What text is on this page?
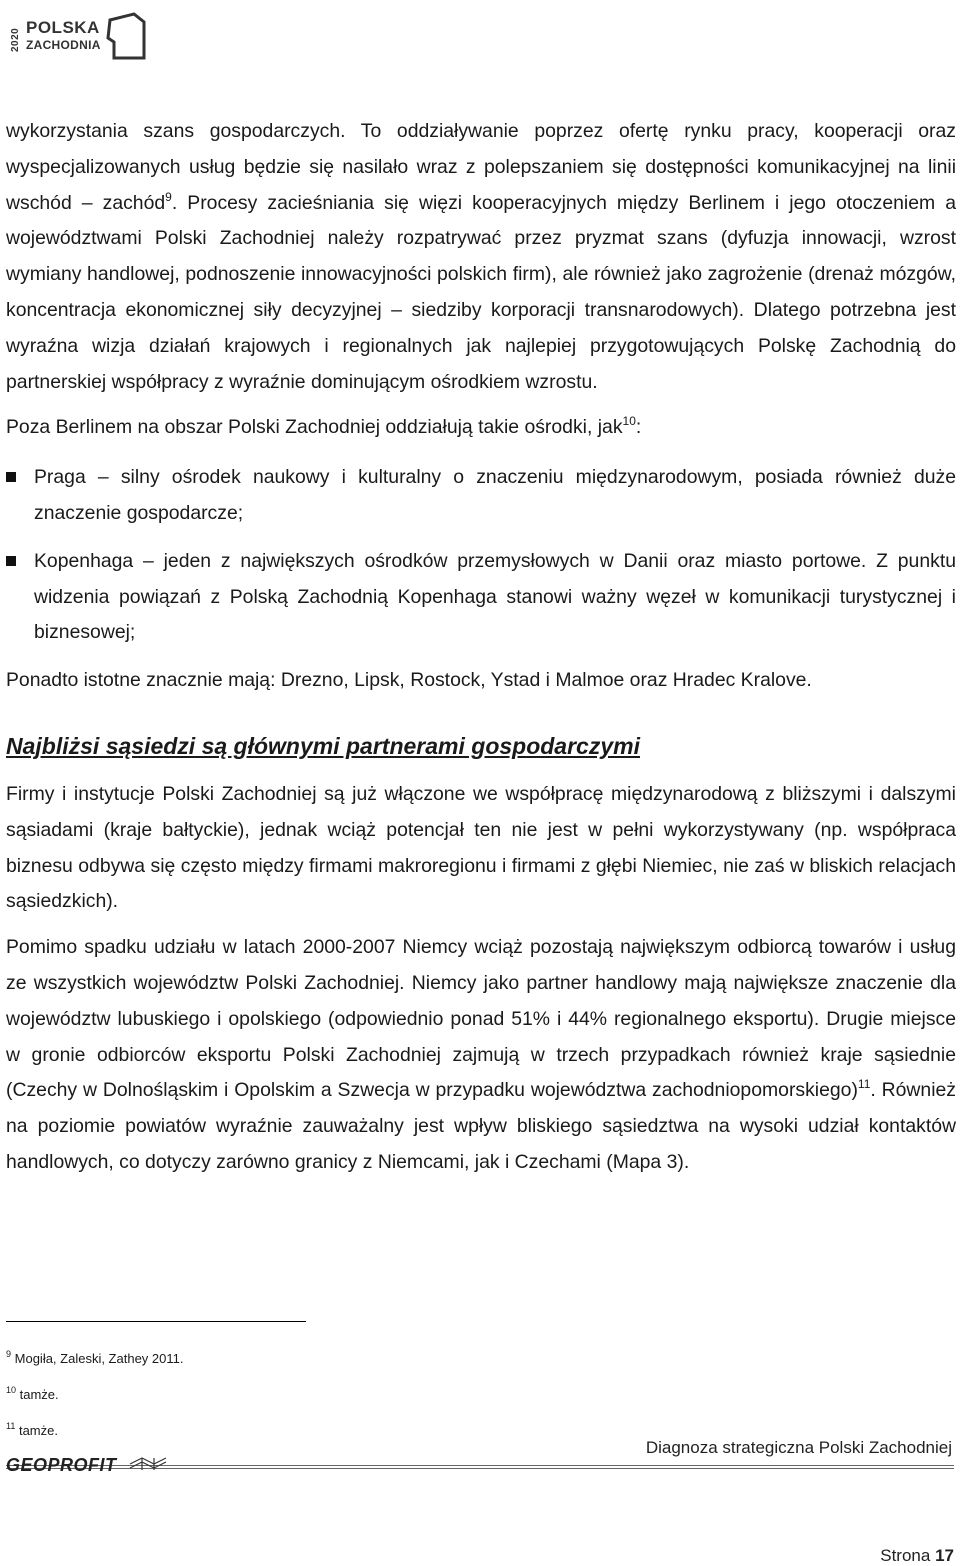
2020
POLSKA
ZACHODNIA

wykorzystania szans gospodarczych. To oddziaływanie poprzez ofertę rynku pracy, kooperacji oraz wyspecjalizowanych usług będzie się nasilało wraz z polepszaniem się dostępności komunikacyjnej na linii wschód – zachód$^9$. Procesy zacieśniania się więzi kooperacyjnych między Berlinem i jego otoczeniem a województwami Polski Zachodniej należy rozpatrywać przez pryzmat szans (dyfuzja innowacji, wzrost wymiany handlowej, podnoszenie innowacyjności polskich firm), ale również jako zagrożenie (drenaż mózgów, koncentracja ekonomicznej siły decyzyjnej – siedziby korporacji transnarodowych). Dlatego potrzebna jest wyraźna wizja działań krajowych i regionalnych jak najlepiej przygotowujących Polskę Zachodnią do partnerskiej współpracy z wyraźnie dominującym ośrodkiem wzrostu.

Poza Berlinem na obszar Polski Zachodniej oddziałują takie ośrodki, jak$^{10}$:

Praga – silny ośrodek naukowy i kulturalny o znaczeniu międzynarodowym, posiada również duże znaczenie gospodarcze;
Kopenhaga – jeden z największych ośrodków przemysłowych w Danii oraz miasto portowe. Z punktu widzenia powiązań z Polską Zachodnią Kopenhaga stanowi ważny węzeł w komunikacji turystycznej i biznesowej;

Ponadto istotne znacznie mają: Drezno, Lipsk, Rostock, Ystad i Malmoe oraz Hradec Kralove.

Najbliżsi sąsiedzi są głównymi partnerami gospodarczymi

Firmy i instytucje Polski Zachodniej są już włączone we współpracę międzynarodową z bliższymi i dalszymi sąsiadami (kraje bałtyckie), jednak wciąż potencjał ten nie jest w pełni wykorzystywany (np. współpraca biznesu odbywa się często między firmami makroregionu i firmami z głębi Niemiec, nie zaś w bliskich relacjach sąsiedzkich).

Pomimo spadku udziału w latach 2000-2007 Niemcy wciąż pozostają największym odbiorcą towarów i usług ze wszystkich województw Polski Zachodniej. Niemcy jako partner handlowy mają największe znaczenie dla województw lubuskiego i opolskiego (odpowiednio ponad 51% i 44% regionalnego eksportu). Drugie miejsce w gronie odbiorców eksportu Polski Zachodniej zajmują w trzech przypadkach również kraje sąsiednie (Czechy w Dolnośląskim i Opolskim a Szwecja w przypadku województwa zachodniopomorskiego)$^{11}$. Również na poziomie powiatów wyraźnie zauważalny jest wpływ bliskiego sąsiedztwa na wysoki udział kontaktów handlowych, co dotyczy zarówno granicy z Niemcami, jak i Czechami (Mapa 3).

$^9$ Mogiła, Zaleski, Zathey 2011.
$^{10}$ tamże.
$^{11}$ tamże.
Diagnoza strategiczna Polski Zachodniej
GEOPROFIT
Strona 17
